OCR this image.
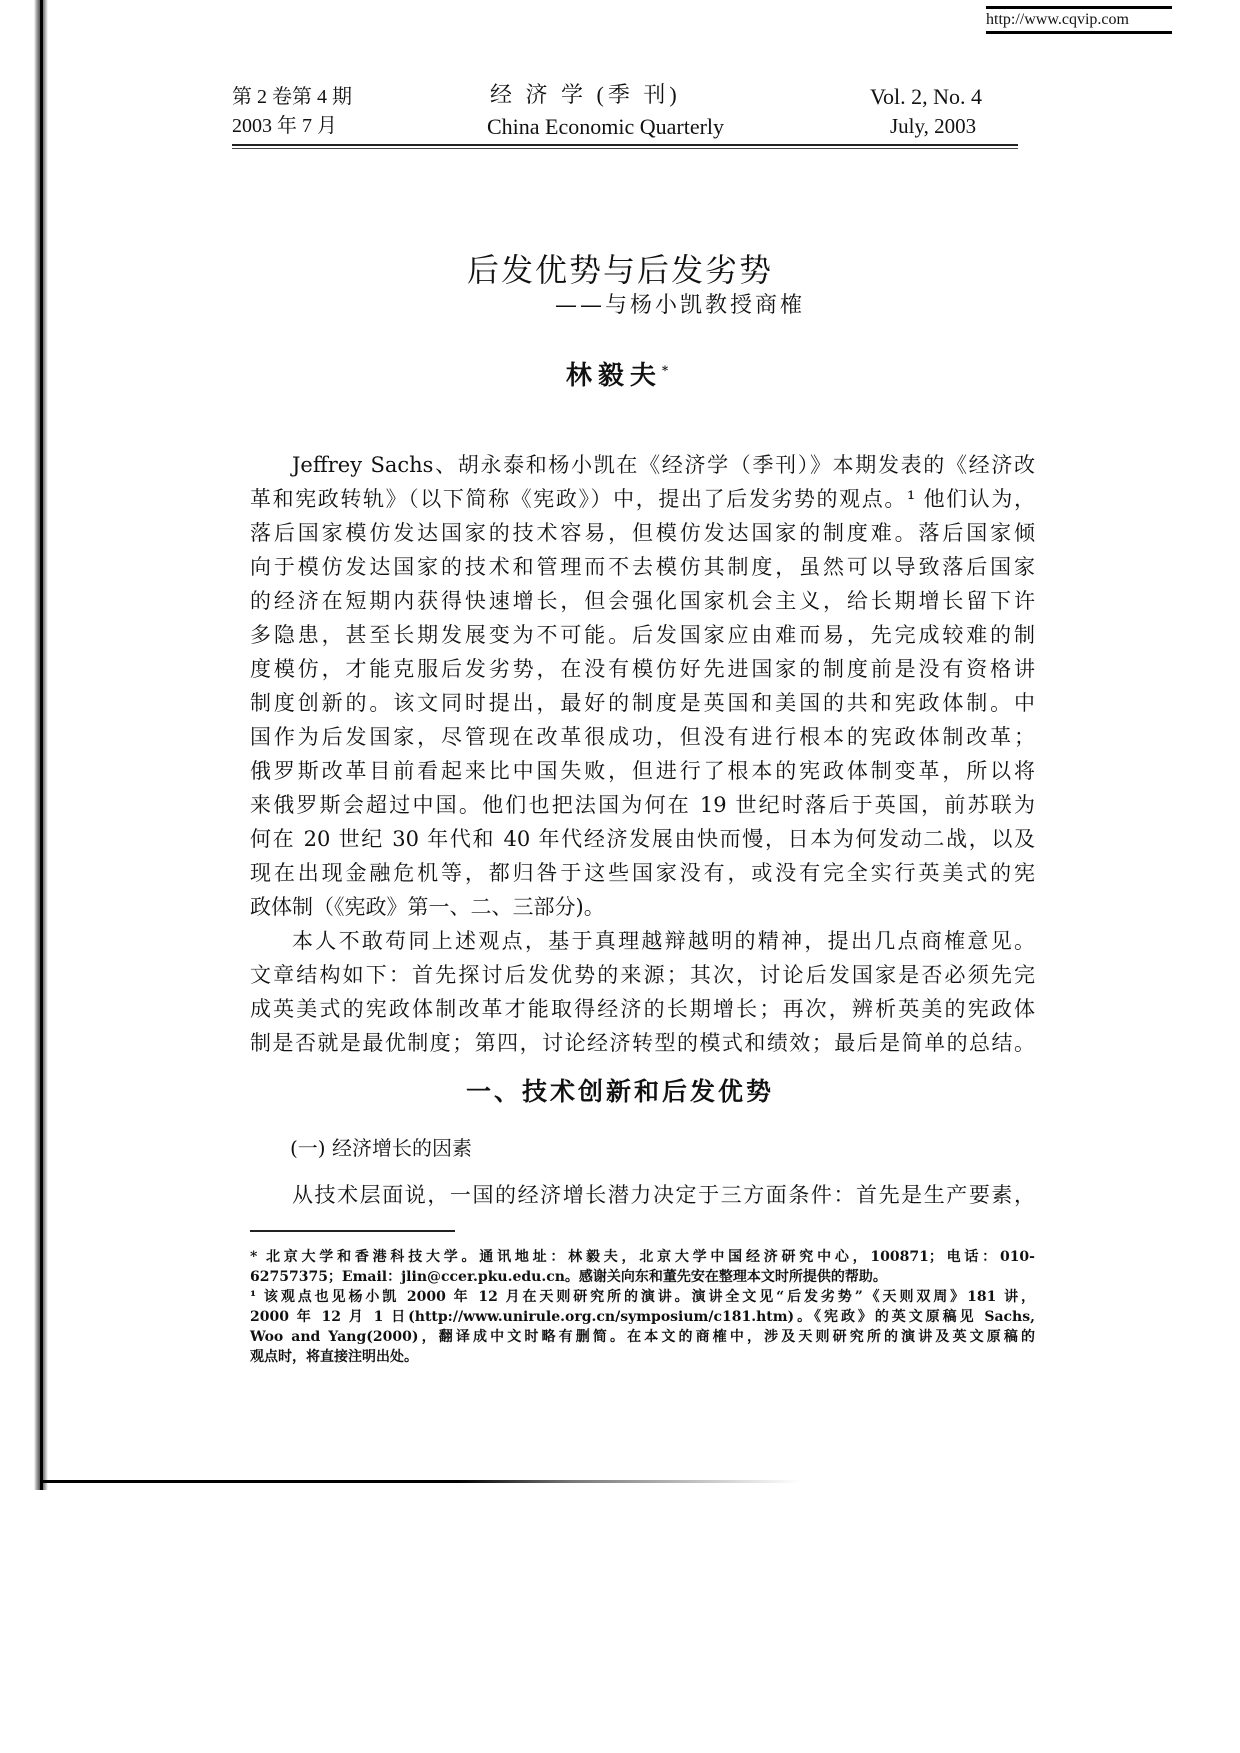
http://www.cqvip.com
第 2 卷第 4 期
2003 年 7 月
经 济 学 (季 刊)
China Economic Quarterly
Vol. 2, No. 4
July, 2003
后发优势与后发劣势
——与杨小凯教授商榷
林毅夫*
Jeffrey Sachs、胡永泰和杨小凯在《经济学（季刊）》本期发表的《经济改
革和宪政转轨》（以下简称《宪政》）中，提出了后发劣势的观点。¹ 他们认为，
落后国家模仿发达国家的技术容易，但模仿发达国家的制度难。落后国家倾
向于模仿发达国家的技术和管理而不去模仿其制度，虽然可以导致落后国家
的经济在短期内获得快速增长，但会强化国家机会主义，给长期增长留下许
多隐患，甚至长期发展变为不可能。后发国家应由难而易，先完成较难的制
度模仿，才能克服后发劣势，在没有模仿好先进国家的制度前是没有资格讲
制度创新的。该文同时提出，最好的制度是英国和美国的共和宪政体制。中
国作为后发国家，尽管现在改革很成功，但没有进行根本的宪政体制改革；
俄罗斯改革目前看起来比中国失败，但进行了根本的宪政体制变革，所以将
来俄罗斯会超过中国。他们也把法国为何在 19 世纪时落后于英国，前苏联为
何在 20 世纪 30 年代和 40 年代经济发展由快而慢，日本为何发动二战，以及
现在出现金融危机等，都归咎于这些国家没有，或没有完全实行英美式的宪
政体制（《宪政》第一、二、三部分)。
本人不敢苟同上述观点，基于真理越辩越明的精神，提出几点商榷意见。
文章结构如下：首先探讨后发优势的来源；其次，讨论后发国家是否必须先完
成英美式的宪政体制改革才能取得经济的长期增长；再次，辨析英美的宪政体
制是否就是最优制度；第四，讨论经济转型的模式和绩效；最后是简单的总结。
一、技术创新和后发优势
(一) 经济增长的因素
从技术层面说，一国的经济增长潜力决定于三方面条件：首先是生产要素，
* 北京大学和香港科技大学。通讯地址：林毅夫，北京大学中国经济研究中心，100871；电话：010-
62757375；Email：jlin@ccer.pku.edu.cn。感谢关向东和董先安在整理本文时所提供的帮助。
¹ 该观点也见杨小凯 2000 年 12 月在天则研究所的演讲。演讲全文见“后发劣势”《天则双周》181 讲，
2000 年 12 月 1 日(http://www.unirule.org.cn/symposium/c181.htm)。《宪政》的英文原稿见 Sachs,
Woo and Yang(2000)，翻译成中文时略有删简。在本文的商榷中，涉及天则研究所的演讲及英文原稿的
观点时，将直接注明出处。
